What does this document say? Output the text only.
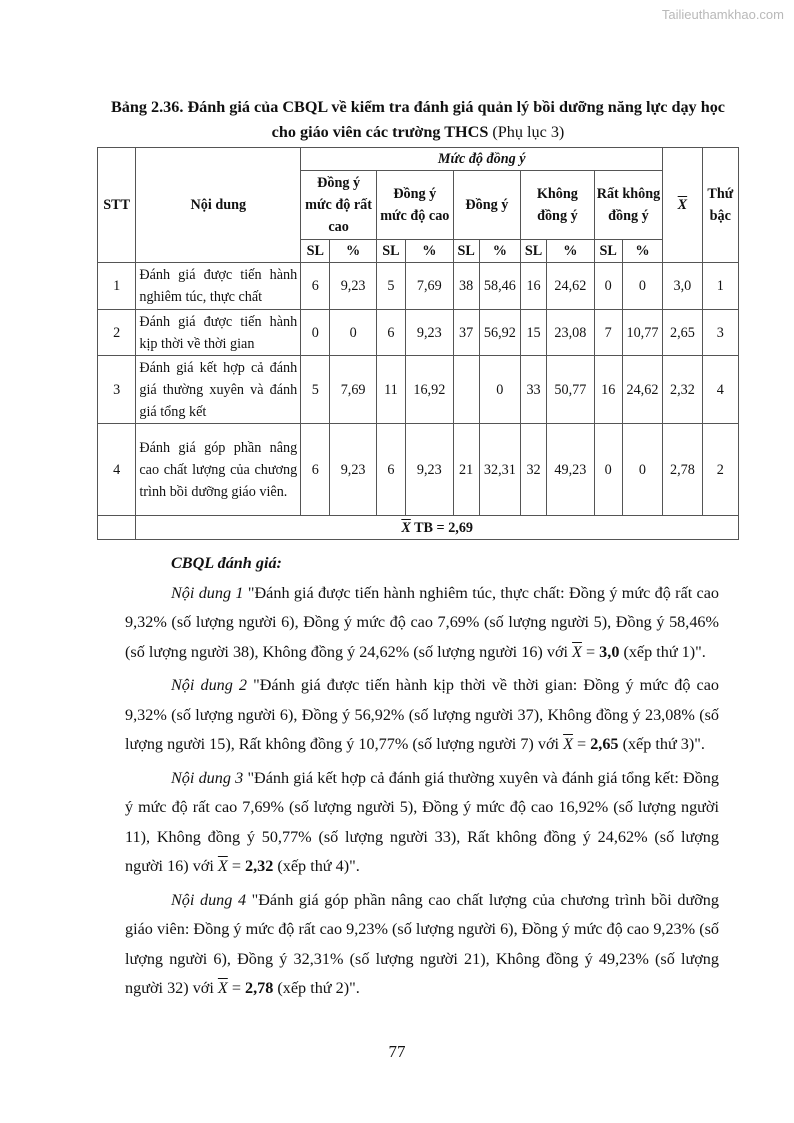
Tailieuthamkhao.com
Bảng 2.36. Đánh giá của CBQL về kiểm tra đánh giá quản lý bồi dưỡng năng lực dạy học cho giáo viên các trường THCS (Phụ lục 3)
STT	Nội dung	Mức độ đồng ý										$\overline{X}$	Thứ bậc
		Đồng ý mức độ rất cao		Đồng ý mức độ cao		Đồng ý		Không đồng ý		Rất không đồng ý			
		SL	%	SL	%	SL	%	SL	%	SL	%		
1	Đánh giá được tiến hành nghiêm túc, thực chất	6	9,23	5	7,69	38	58,46	16	24,62	0	0	3,0	1
2	Đánh giá được tiến hành kịp thời về thời gian	0	0	6	9,23	37	56,92	15	23,08	7	10,77	2,65	3
3	Đánh giá kết hợp cả đánh giá thường xuyên và đánh giá tổng kết	5	7,69	11	16,92		0	33	50,77	16	24,62	2,32	4
4	Đánh giá góp phần nâng cao chất lượng của chương trình bồi dưỡng giáo viên.	6	9,23	6	9,23	21	32,31	32	49,23	0	0	2,78	2
	$\overline{X}$ TB = 2,69												

CBQL đánh giá:

Nội dung 1 "Đánh giá được tiến hành nghiêm túc, thực chất: Đồng ý mức độ rất cao 9,32% (số lượng người 6), Đồng ý mức độ cao 7,69% (số lượng người 5), Đồng ý 58,46% (số lượng người 38), Không đồng ý 24,62% (số lượng người 16) với $\overline{X} = 3,0$ (xếp thứ 1)".

Nội dung 2 "Đánh giá được tiến hành kịp thời về thời gian: Đồng ý mức độ cao 9,32% (số lượng người 6), Đồng ý 56,92% (số lượng người 37), Không đồng ý 23,08% (số lượng người 15), Rất không đồng ý 10,77% (số lượng người 7) với $\overline{X} = 2,65$ (xếp thứ 3)".

Nội dung 3 "Đánh giá kết hợp cả đánh giá thường xuyên và đánh giá tổng kết: Đồng ý mức độ rất cao 7,69% (số lượng người 5), Đồng ý mức độ cao 16,92% (số lượng người 11), Không đồng ý 50,77% (số lượng người 33), Rất không đồng ý 24,62% (số lượng người 16) với $\overline{X} = 2,32$ (xếp thứ 4)".

Nội dung 4 "Đánh giá góp phần nâng cao chất lượng của chương trình bồi dưỡng giáo viên: Đồng ý mức độ rất cao 9,23% (số lượng người 6), Đồng ý mức độ cao 9,23% (số lượng người 6), Đồng ý 32,31% (số lượng người 21), Không đồng ý 49,23% (số lượng người 32) với $\overline{X} = 2,78$ (xếp thứ 2)".

77
